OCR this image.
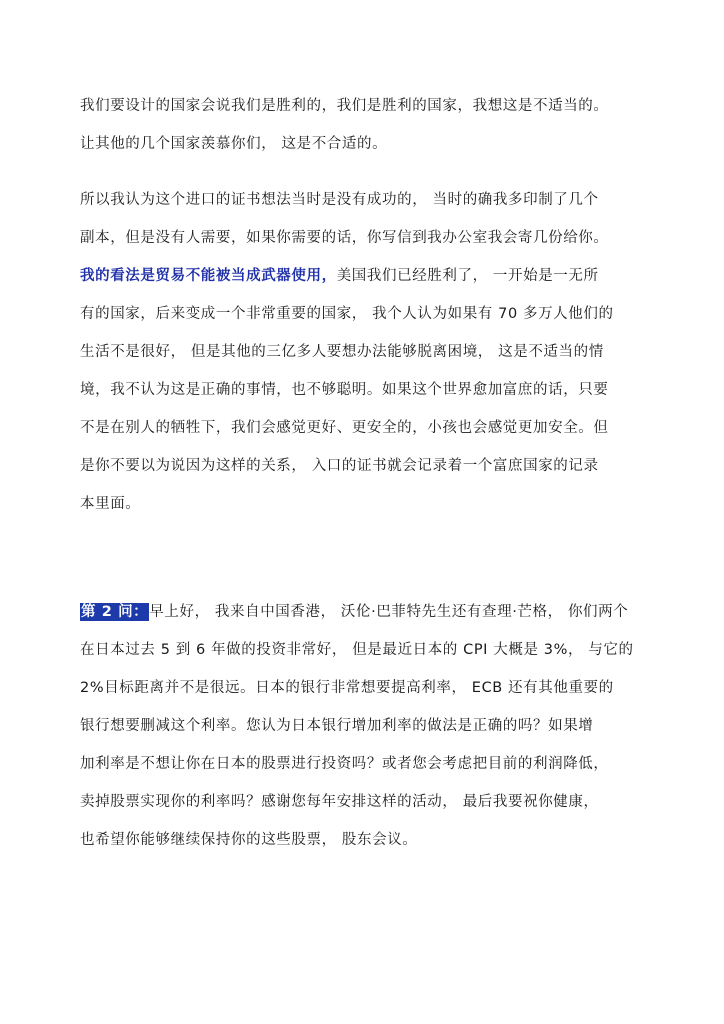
我们要设计的国家会说我们是胜利的，我们是胜利的国家，我想这是不适当的。
让其他的几个国家羡慕你们， 这是不合适的。
所以我认为这个进口的证书想法当时是没有成功的， 当时的确我多印制了几个
副本，但是没有人需要，如果你需要的话，你写信到我办公室我会寄几份给你。
我的看法是贸易不能被当成武器使用，美国我们已经胜利了， 一开始是一无所
有的国家，后来变成一个非常重要的国家， 我个人认为如果有 70 多万人他们的
生活不是很好， 但是其他的三亿多人要想办法能够脱离困境， 这是不适当的情
境，我不认为这是正确的事情，也不够聪明。如果这个世界愈加富庶的话，只要
不是在别人的牺牲下，我们会感觉更好、更安全的，小孩也会感觉更加安全。但
是你不要以为说因为这样的关系， 入口的证书就会记录着一个富庶国家的记录
本里面。
第 2 问：早上好， 我来自中国香港， 沃伦·巴菲特先生还有查理·芒格， 你们两个
在日本过去 5 到 6 年做的投资非常好， 但是最近日本的 CPI 大概是 3%， 与它的
2%目标距离并不是很远。日本的银行非常想要提高利率， ECB 还有其他重要的
银行想要删减这个利率。您认为日本银行增加利率的做法是正确的吗？如果增
加利率是不想让你在日本的股票进行投资吗？或者您会考虑把目前的利润降低，
卖掉股票实现你的利率吗？感谢您每年安排这样的活动， 最后我要祝你健康，
也希望你能够继续保持你的这些股票， 股东会议。
